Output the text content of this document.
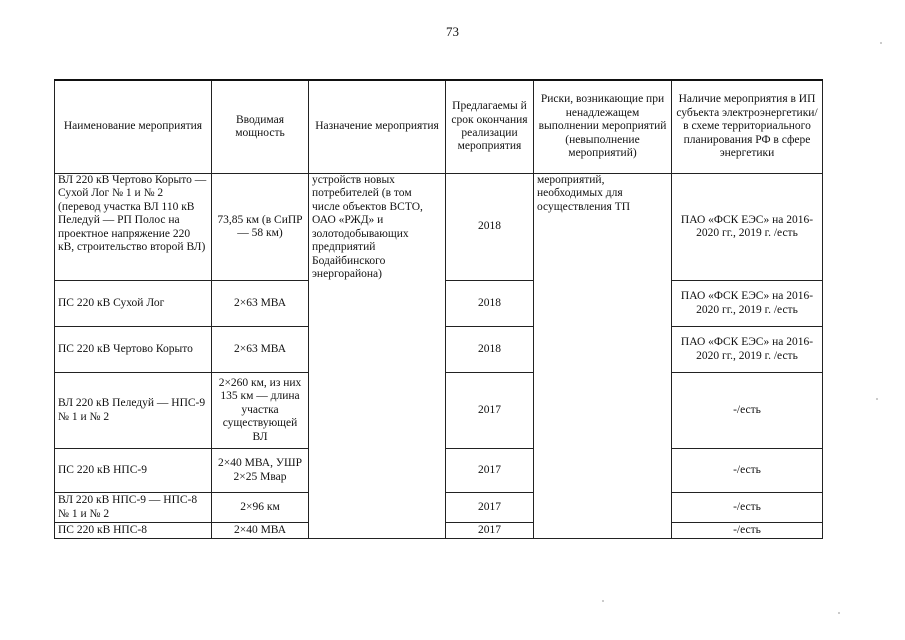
73
Наименование мероприятия	Вводимая мощность	Назначение мероприятия	Предлагаемы й срок окончания реализации мероприятия	Риски, возникающие при ненадлежащем выполнении мероприятий (невыполнение мероприятий)	Наличие мероприятия в ИП субъекта электроэнергетики/в схеме территориального планирования РФ в сфере энергетики
ВЛ 220 кВ Чертово Корыто — Сухой Лог № 1 и № 2 (перевод участка ВЛ 110 кВ Пеледуй — РП Полос на проектное напряжение 220 кВ, строительство второй ВЛ)	73,85 км (в СиПР — 58 км)	устройств новых потребителей (в том числе объектов ВСТО, ОАО «РЖД» и золотодобывающих предприятий Бодайбинского энергорайона)	2018	мероприятий, необходимых для осуществления ТП	ПАО «ФСК ЕЭС» на 2016-2020 гг., 2019 г. /есть
ПС 220 кВ Сухой Лог	2×63 МВА		2018		ПАО «ФСК ЕЭС» на 2016-2020 гг., 2019 г. /есть
ПС 220 кВ Чертово Корыто	2×63 МВА		2018		ПАО «ФСК ЕЭС» на 2016-2020 гг., 2019 г. /есть
ВЛ 220 кВ Пеледуй — НПС-9 № 1 и № 2	2×260 км, из них 135 км — длина участка существующей ВЛ		2017		-/есть
ПС 220 кВ НПС-9	2×40 МВА, УШР 2×25 Мвар		2017		-/есть
ВЛ 220 кВ НПС-9 — НПС-8 № 1 и № 2	2×96 км		2017		-/есть
ПС 220 кВ НПС-8	2×40 МВА		2017		-/есть
